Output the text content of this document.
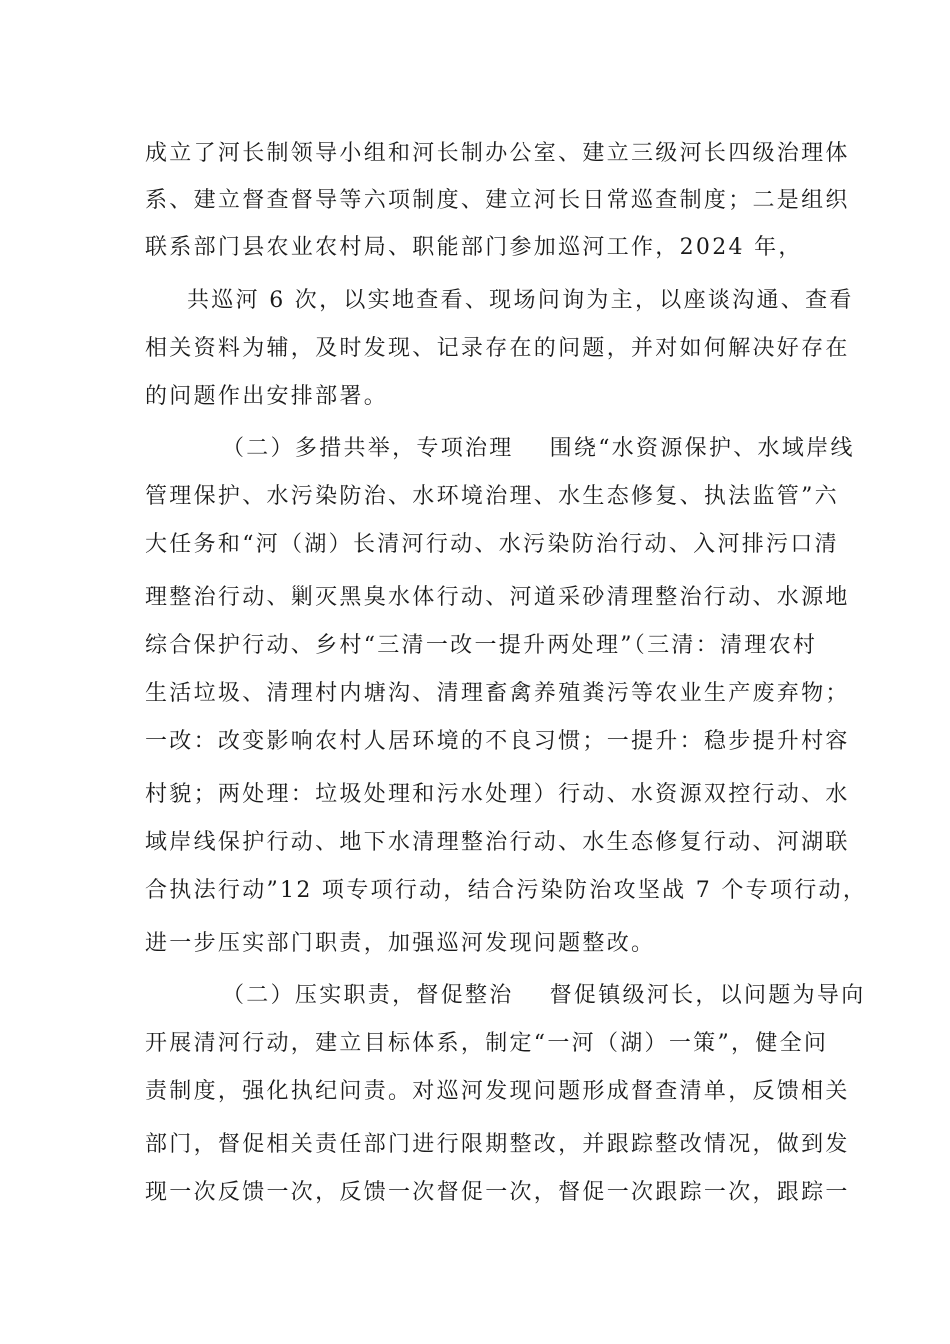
成立了河长制领导小组和河长制办公室、建立三级河长四级治理体
系、建立督查督导等六项制度、建立河长日常巡查制度；二是组织
联系部门县农业农村局、职能部门参加巡河工作，2024 年，
共巡河 6 次，以实地查看、现场问询为主，以座谈沟通、查看
相关资料为辅，及时发现、记录存在的问题，并对如何解决好存在
的问题作出安排部署。
（二）多措共举，专项治理 围绕“水资源保护、水域岸线
管理保护、水污染防治、水环境治理、水生态修复、执法监管”六
大任务和“河（湖）长清河行动、水污染防治行动、入河排污口清
理整治行动、剿灭黑臭水体行动、河道采砂清理整治行动、水源地
综合保护行动、乡村“三清一改一提升两处理”（三清：清理农村
生活垃圾、清理村内塘沟、清理畜禽养殖粪污等农业生产废弃物；
一改：改变影响农村人居环境的不良习惯；一提升：稳步提升村容
村貌；两处理：垃圾处理和污水处理）行动、水资源双控行动、水
域岸线保护行动、地下水清理整治行动、水生态修复行动、河湖联
合执法行动”12 项专项行动，结合污染防治攻坚战 7 个专项行动，
进一步压实部门职责，加强巡河发现问题整改。
（二）压实职责，督促整治 督促镇级河长，以问题为导向
开展清河行动，建立目标体系，制定“一河（湖）一策”，健全问
责制度，强化执纪问责。对巡河发现问题形成督查清单，反馈相关
部门，督促相关责任部门进行限期整改，并跟踪整改情况，做到发
现一次反馈一次，反馈一次督促一次，督促一次跟踪一次，跟踪一
